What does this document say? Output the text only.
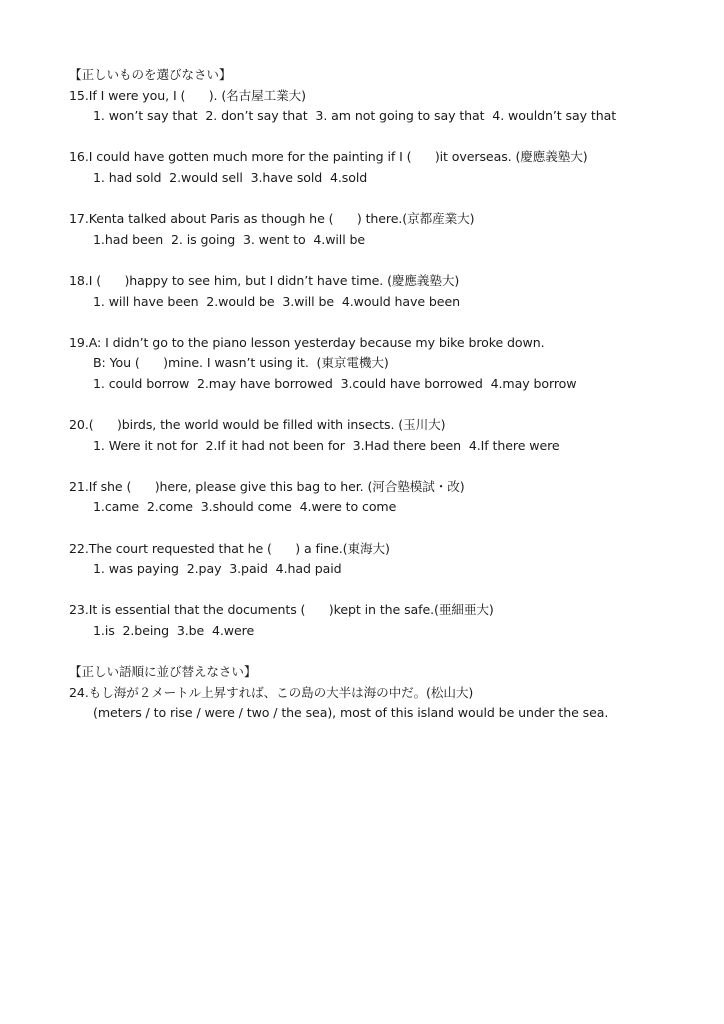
【正しいものを選びなさい】
15.If I were you, I (      ). (名古屋工業大)
1. won’t say that  2. don’t say that  3. am not going to say that  4. wouldn’t say that
16.I could have gotten much more for the painting if I (      )it overseas. (慶應義塾大)
1. had sold  2.would sell  3.have sold  4.sold
17.Kenta talked about Paris as though he (      ) there.(京都産業大)
1.had been  2. is going  3. went to  4.will be
18.I (      )happy to see him, but I didn’t have time. (慶應義塾大)
1. will have been  2.would be  3.will be  4.would have been
19.A: I didn’t go to the piano lesson yesterday because my bike broke down.
B: You (      )mine. I wasn’t using it.  (東京電機大)
1. could borrow  2.may have borrowed  3.could have borrowed  4.may borrow
20.(      )birds, the world would be filled with insects. (玉川大)
1. Were it not for  2.If it had not been for  3.Had there been  4.If there were
21.If she (      )here, please give this bag to her. (河合塾模試・改)
1.came  2.come  3.should come  4.were to come
22.The court requested that he (      ) a fine.(東海大)
1. was paying  2.pay  3.paid  4.had paid
23.It is essential that the documents (      )kept in the safe.(亜細亜大)
1.is  2.being  3.be  4.were
【正しい語順に並び替えなさい】
24.もし海が２メートル上昇すれば、この島の大半は海の中だ。(松山大)
(meters / to rise / were / two / the sea), most of this island would be under the sea.
